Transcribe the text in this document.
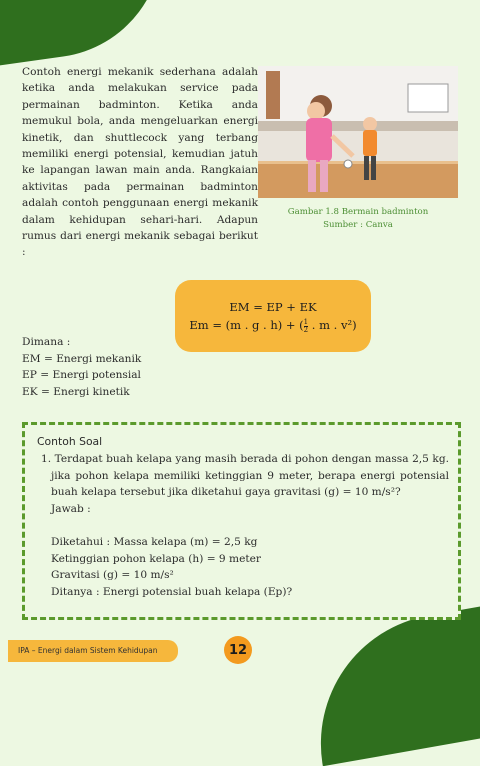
Contoh energi mekanik sederhana adalah ketika anda melakukan service pada permainan badminton. Ketika anda memukul bola, anda mengeluarkan energi kinetik, dan shuttlecock yang terbang memiliki energi potensial, kemudian jatuh ke lapangan lawan main anda. Rangkaian aktivitas pada permainan badminton adalah contoh penggunaan energi mekanik dalam kehidupan sehari-hari. Adapun rumus dari energi mekanik sebagai berikut :

Gambar 1.8 Bermain badminton
Sumber : Canva
EM = EP + EK
Em = (m . g . h) + ( $\frac{1}{2}$ . m . v²)
Dimana :
EM = Energi mekanik
EP = Energi potensial
EK = Energi kinetik
Contoh Soal
1. Terdapat buah kelapa yang masih berada di pohon dengan massa 2,5 kg. jika pohon kelapa memiliki ketinggian 9 meter, berapa energi potensial buah kelapa tersebut jika diketahui gaya gravitasi (g) = 10 m/s²?
Jawab :
Diketahui : Massa kelapa (m) = 2,5 kg
Ketinggian pohon kelapa (h) = 9 meter
Gravitasi (g) = 10 m/s²
Ditanya : Energi potensial buah kelapa (Ep)?
IPA – Energi dalam Sistem Kehidupan	12
